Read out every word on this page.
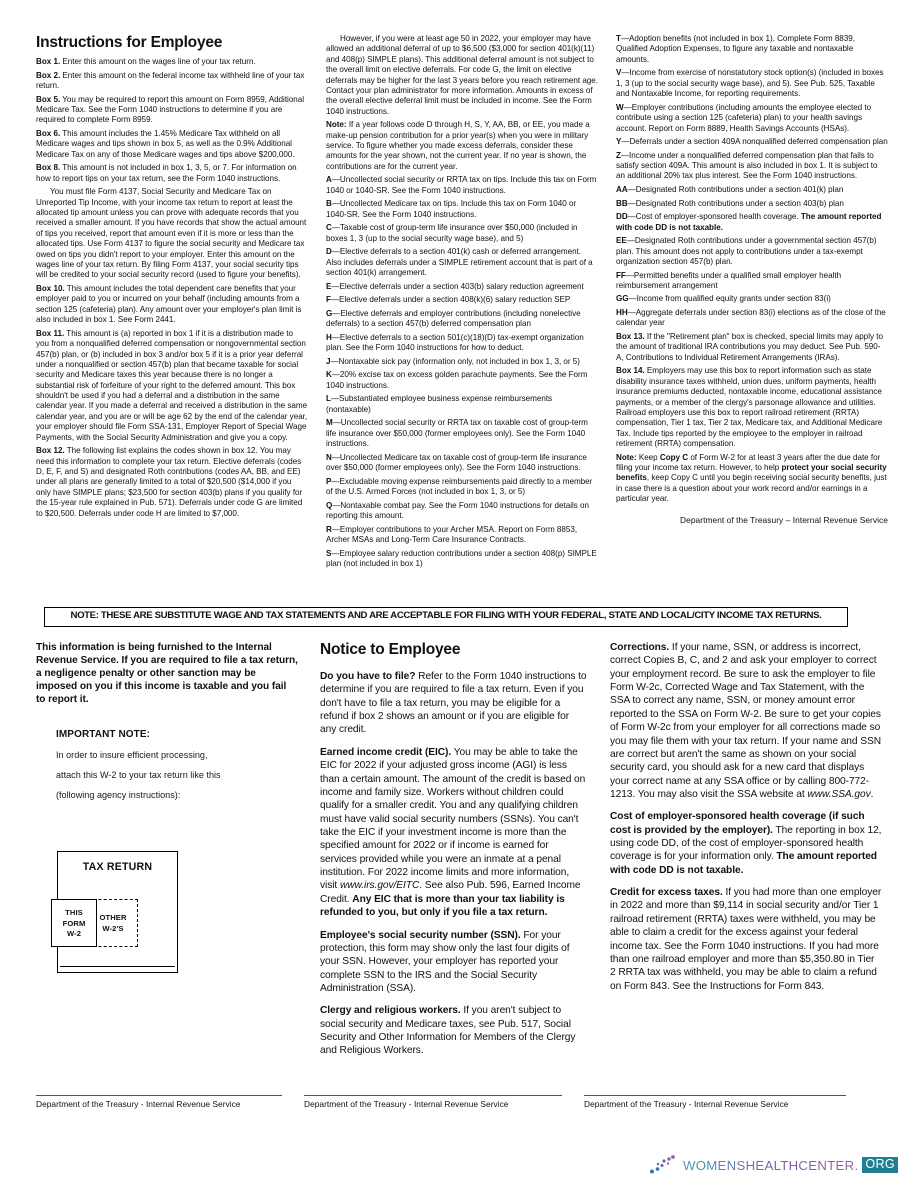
Instructions for Employee

Box 1. Enter this amount on the wages line of your tax return.

Box 2. Enter this amount on the federal income tax withheld line of your tax return.

Box 5. You may be required to report this amount on Form 8959, Additional Medicare Tax. See the Form 1040 instructions to determine if you are required to complete Form 8959.

Box 6. This amount includes the 1.45% Medicare Tax withheld on all Medicare wages and tips shown in box 5, as well as the 0.9% Additional Medicare Tax on any of those Medicare wages and tips above $200,000.

Box 8. This amount is not included in box 1, 3, 5, or 7. For information on how to report tips on your tax return, see the Form 1040 instructions.

You must file Form 4137, Social Security and Medicare Tax on Unreported Tip Income, with your income tax return to report at least the allocated tip amount unless you can prove with adequate records that you received a smaller amount. If you have records that show the actual amount of tips you received, report that amount even if it is more or less than the allocated tips. Use Form 4137 to figure the social security and Medicare tax owed on tips you didn't report to your employer. Enter this amount on the wages line of your tax return. By filing Form 4137, your social security tips will be credited to your social security record (used to figure your benefits).

Box 10. This amount includes the total dependent care benefits that your employer paid to you or incurred on your behalf (including amounts from a section 125 (cafeteria) plan). Any amount over your employer's plan limit is also included in box 1. See Form 2441.

Box 11. This amount is (a) reported in box 1 if it is a distribution made to you from a nonqualified deferred compensation or nongovernmental section 457(b) plan, or (b) included in box 3 and/or box 5 if it is a prior year deferral under a nonqualified or section 457(b) plan that became taxable for social security and Medicare taxes this year because there is no longer a substantial risk of forfeiture of your right to the deferred amount. This box shouldn't be used if you had a deferral and a distribution in the same calendar year. If you made a deferral and received a distribution in the same calendar year, and you are or will be age 62 by the end of the calendar year, your employer should file Form SSA-131, Employer Report of Special Wage Payments, with the Social Security Administration and give you a copy.

Box 12. The following list explains the codes shown in box 12. You may need this information to complete your tax return. Elective deferrals (codes D, E, F, and S) and designated Roth contributions (codes AA, BB, and EE) under all plans are generally limited to a total of $20,500 ($14,000 if you only have SIMPLE plans; $23,500 for section 403(b) plans if you qualify for the 15-year rule explained in Pub. 571). Deferrals under code G are limited to $20,500. Deferrals under code H are limited to $7,000.

However, if you were at least age 50 in 2022, your employer may have allowed an additional deferral of up to $6,500 ($3,000 for section 401(k)(11) and 408(p) SIMPLE plans). This additional deferral amount is not subject to the overall limit on elective deferrals. For code G, the limit on elective deferrals may be higher for the last 3 years before you reach retirement age. Contact your plan administrator for more information. Amounts in excess of the overall elective deferral limit must be included in income. See the Form 1040 instructions.

Note: If a year follows code D through H, S, Y, AA, BB, or EE, you made a make-up pension contribution for a prior year(s) when you were in military service. To figure whether you made excess deferrals, consider these amounts for the year shown, not the current year. If no year is shown, the contributions are for the current year.

A—Uncollected social security or RRTA tax on tips. Include this tax on Form 1040 or 1040-SR. See the Form 1040 instructions.

B—Uncollected Medicare tax on tips. Include this tax on Form 1040 or 1040-SR. See the Form 1040 instructions.

C—Taxable cost of group-term life insurance over $50,000 (included in boxes 1, 3 (up to the social security wage base), and 5)

D—Elective deferrals to a section 401(k) cash or deferred arrangement. Also includes deferrals under a SIMPLE retirement account that is part of a section 401(k) arrangement.

E—Elective deferrals under a section 403(b) salary reduction agreement

F—Elective deferrals under a section 408(k)(6) salary reduction SEP

G—Elective deferrals and employer contributions (including nonelective deferrals) to a section 457(b) deferred compensation plan

H—Elective deferrals to a section 501(c)(18)(D) tax-exempt organization plan. See the Form 1040 instructions for how to deduct.

J—Nontaxable sick pay (information only, not included in box 1, 3, or 5)

K—20% excise tax on excess golden parachute payments. See the Form 1040 instructions.

L—Substantiated employee business expense reimbursements (nontaxable)

M—Uncollected social security or RRTA tax on taxable cost of group-term life insurance over $50,000 (former employees only). See the Form 1040 instructions.

N—Uncollected Medicare tax on taxable cost of group-term life insurance over $50,000 (former employees only). See the Form 1040 instructions.

P—Excludable moving expense reimbursements paid directly to a member of the U.S. Armed Forces (not included in box 1, 3, or 5)

Q—Nontaxable combat pay. See the Form 1040 instructions for details on reporting this amount.

R—Employer contributions to your Archer MSA. Report on Form 8853, Archer MSAs and Long-Term Care Insurance Contracts.

S—Employee salary reduction contributions under a section 408(p) SIMPLE plan (not included in box 1)

T—Adoption benefits (not included in box 1). Complete Form 8839, Qualified Adoption Expenses, to figure any taxable and nontaxable amounts.

V—Income from exercise of nonstatutory stock option(s) (included in boxes 1, 3 (up to the social security wage base), and 5). See Pub. 525, Taxable and Nontaxable Income, for reporting requirements.

W—Employer contributions (including amounts the employee elected to contribute using a section 125 (cafeteria) plan) to your health savings account. Report on Form 8889, Health Savings Accounts (HSAs).

Y—Deferrals under a section 409A nonqualified deferred compensation plan

Z—Income under a nonqualified deferred compensation plan that fails to satisfy section 409A. This amount is also included in box 1. It is subject to an additional 20% tax plus interest. See the Form 1040 instructions.

AA—Designated Roth contributions under a section 401(k) plan

BB—Designated Roth contributions under a section 403(b) plan

DD—Cost of employer-sponsored health coverage. The amount reported with code DD is not taxable.

EE—Designated Roth contributions under a governmental section 457(b) plan. This amount does not apply to contributions under a tax-exempt organization section 457(b) plan.

FF—Permitted benefits under a qualified small employer health reimbursement arrangement

GG—Income from qualified equity grants under section 83(i)

HH—Aggregate deferrals under section 83(i) elections as of the close of the calendar year

Box 13. If the "Retirement plan" box is checked, special limits may apply to the amount of traditional IRA contributions you may deduct. See Pub. 590-A, Contributions to Individual Retirement Arrangements (IRAs).

Box 14. Employers may use this box to report information such as state disability insurance taxes withheld, union dues, uniform payments, health insurance premiums deducted, nontaxable income, educational assistance payments, or a member of the clergy's parsonage allowance and utilities. Railroad employers use this box to report railroad retirement (RRTA) compensation, Tier 1 tax, Tier 2 tax, Medicare tax, and Additional Medicare Tax. Include tips reported by the employee to the employer in railroad retirement (RRTA) compensation.

Note: Keep Copy C of Form W-2 for at least 3 years after the due date for filing your income tax return. However, to help protect your social security benefits, keep Copy C until you begin receiving social security benefits, just in case there is a question about your work record and/or earnings in a particular year.

Department of the Treasury – Internal Revenue Service
NOTE: THESE ARE SUBSTITUTE WAGE AND TAX STATEMENTS AND ARE ACCEPTABLE FOR FILING WITH YOUR FEDERAL, STATE AND LOCAL/CITY INCOME TAX RETURNS.

This information is being furnished to the Internal Revenue Service. If you are required to file a tax return, a negligence penalty or other sanction may be imposed on you if this income is taxable and you fail to report it.

IMPORTANT NOTE:

In order to insure efficient processing,

attach this W-2 to your tax return like this

(following agency instructions):

TAX RETURN
OTHER
W-2'S
THIS
FORM
W-2
Notice to Employee

Do you have to file? Refer to the Form 1040 instructions to determine if you are required to file a tax return. Even if you don't have to file a tax return, you may be eligible for a refund if box 2 shows an amount or if you are eligible for any credit.

Earned income credit (EIC). You may be able to take the EIC for 2022 if your adjusted gross income (AGI) is less than a certain amount. The amount of the credit is based on income and family size. Workers without children could qualify for a smaller credit. You and any qualifying children must have valid social security numbers (SSNs). You can't take the EIC if your investment income is more than the specified amount for 2022 or if income is earned for services provided while you were an inmate at a penal institution. For 2022 income limits and more information, visit www.irs.gov/EITC. See also Pub. 596, Earned Income Credit. Any EIC that is more than your tax liability is refunded to you, but only if you file a tax return.

Employee's social security number (SSN). For your protection, this form may show only the last four digits of your SSN. However, your employer has reported your complete SSN to the IRS and the Social Security Administration (SSA).

Clergy and religious workers. If you aren't subject to social security and Medicare taxes, see Pub. 517, Social Security and Other Information for Members of the Clergy and Religious Workers.

Corrections. If your name, SSN, or address is incorrect, correct Copies B, C, and 2 and ask your employer to correct your employment record. Be sure to ask the employer to file Form W-2c, Corrected Wage and Tax Statement, with the SSA to correct any name, SSN, or money amount error reported to the SSA on Form W-2. Be sure to get your copies of Form W-2c from your employer for all corrections made so you may file them with your tax return. If your name and SSN are correct but aren't the same as shown on your social security card, you should ask for a new card that displays your correct name at any SSA office or by calling 800-772-1213. You may also visit the SSA website at www.SSA.gov.

Cost of employer-sponsored health coverage (if such cost is provided by the employer). The reporting in box 12, using code DD, of the cost of employer-sponsored health coverage is for your information only. The amount reported with code DD is not taxable.

Credit for excess taxes. If you had more than one employer in 2022 and more than $9,114 in social security and/or Tier 1 railroad retirement (RRTA) taxes were withheld, you may be able to claim a credit for the excess against your federal income tax. See the Form 1040 instructions. If you had more than one railroad employer and more than $5,350.80 in Tier 2 RRTA tax was withheld, you may be able to claim a refund on Form 843. See the Instructions for Form 843.

Department of the Treasury - Internal Revenue Service	Department of the Treasury - Internal Revenue Service	Department of the Treasury - Internal Revenue Service
WOMENSHEALTHCENTER. ORG
